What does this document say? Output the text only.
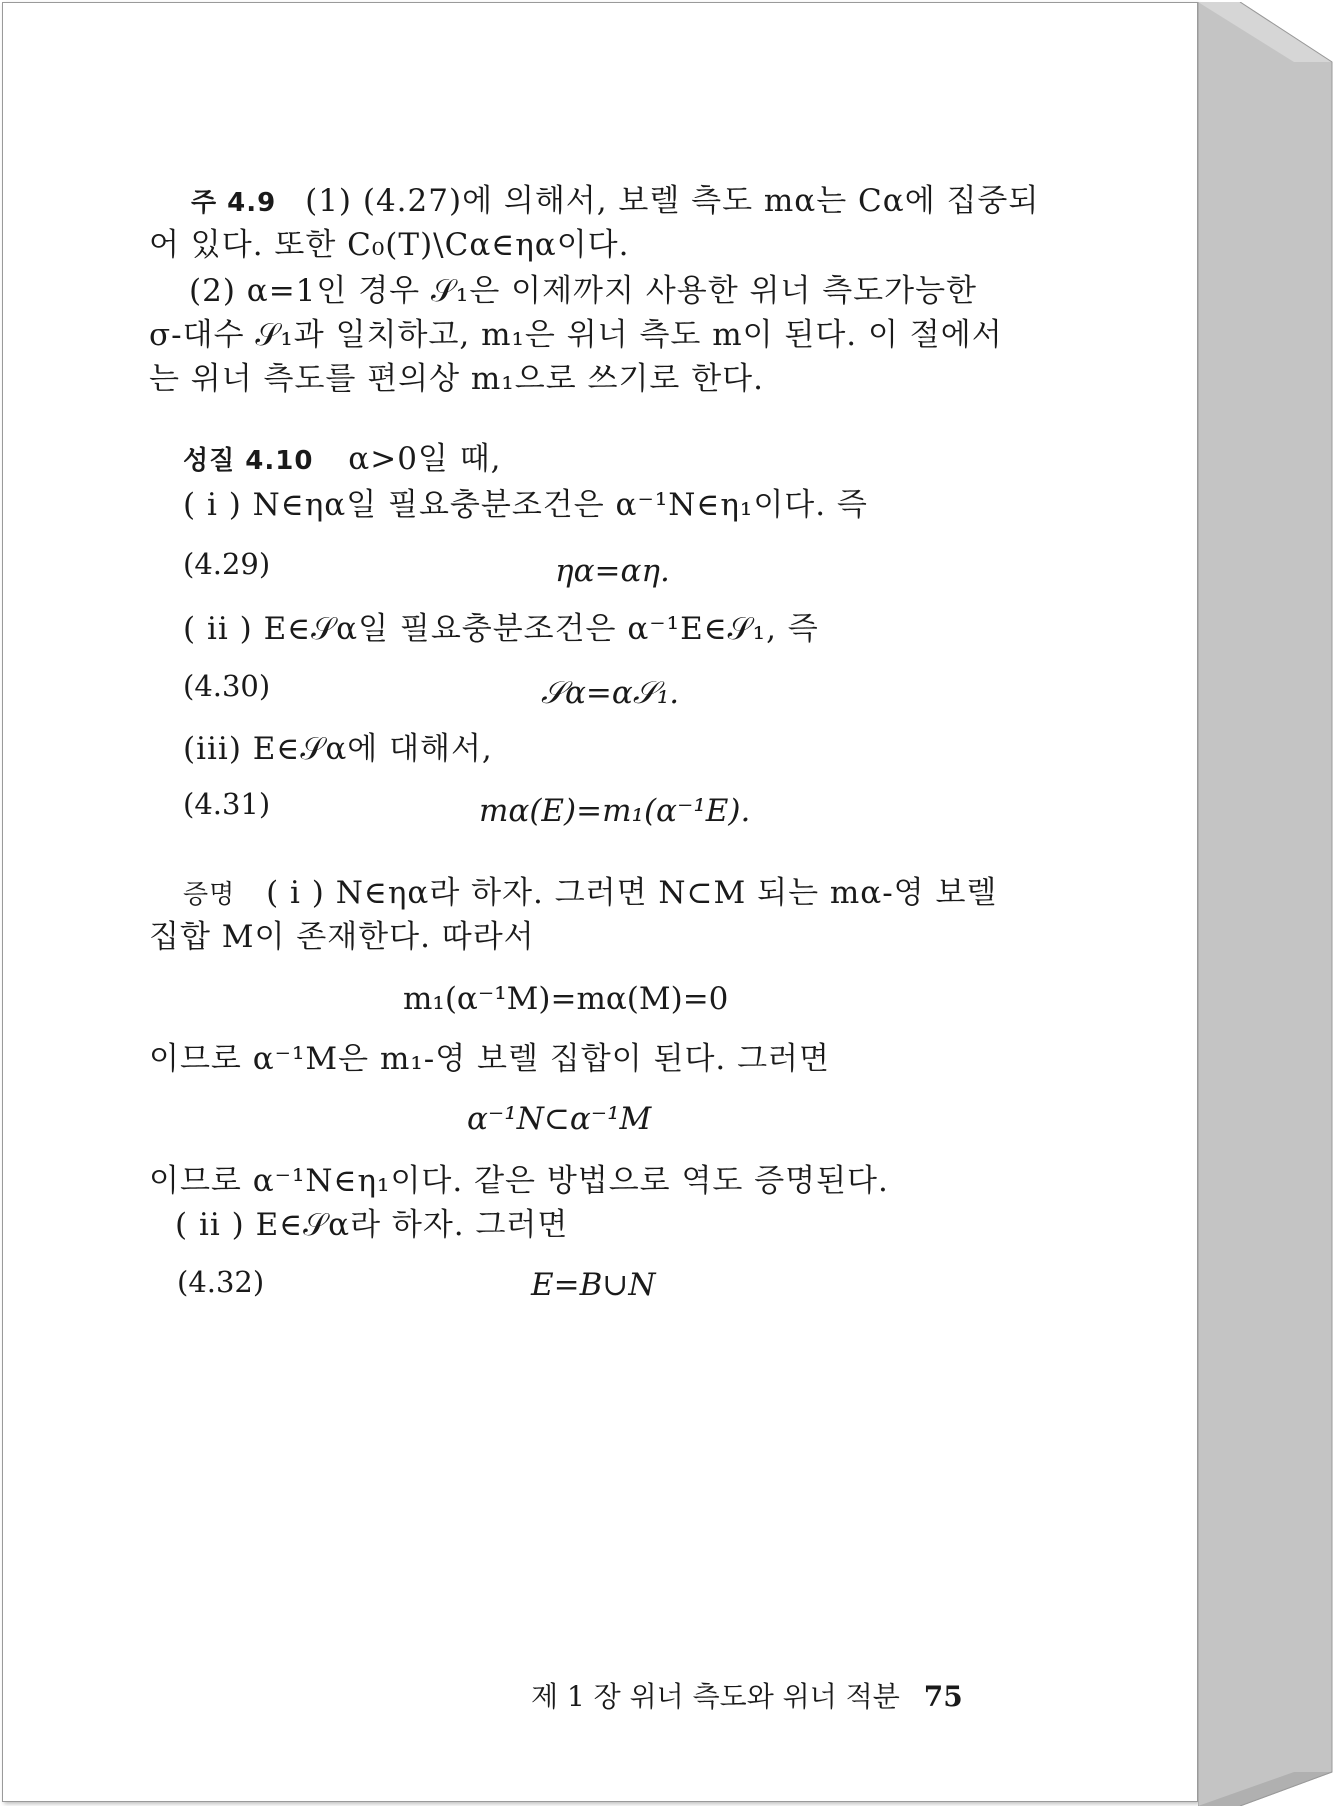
주 4.9 (1) (4.27)에 의해서, 보렐 측도 mα는 Cα에 집중되
어 있다. 또한 C₀(T)\Cα∈ηα이다.
(2) α=1인 경우 𝒮₁은 이제까지 사용한 위너 측도가능한
σ-대수 𝒮₁과 일치하고, m₁은 위너 측도 m이 된다. 이 절에서
는 위너 측도를 편의상 m₁으로 쓰기로 한다.
성질 4.10 α>0일 때,
( i ) N∈ηα일 필요충분조건은 α⁻¹N∈η₁이다. 즉
(4.29)	ηα=αη.
( ii ) E∈𝒮α일 필요충분조건은 α⁻¹E∈𝒮₁, 즉
(4.30)	𝒮α=α𝒮₁.
(iii) E∈𝒮α에 대해서,
(4.31)	mα(E)=m₁(α⁻¹E).
증명 ( i ) N∈ηα라 하자. 그러면 N⊂M 되는 mα-영 보렐
집합 M이 존재한다. 따라서
m₁(α⁻¹M)=mα(M)=0
이므로 α⁻¹M은 m₁-영 보렐 집합이 된다. 그러면
α⁻¹N⊂α⁻¹M
이므로 α⁻¹N∈η₁이다. 같은 방법으로 역도 증명된다.
( ii ) E∈𝒮α라 하자. 그러면
(4.32)	E=B∪N
제 1 장 위너 측도와 위너 적분 75
